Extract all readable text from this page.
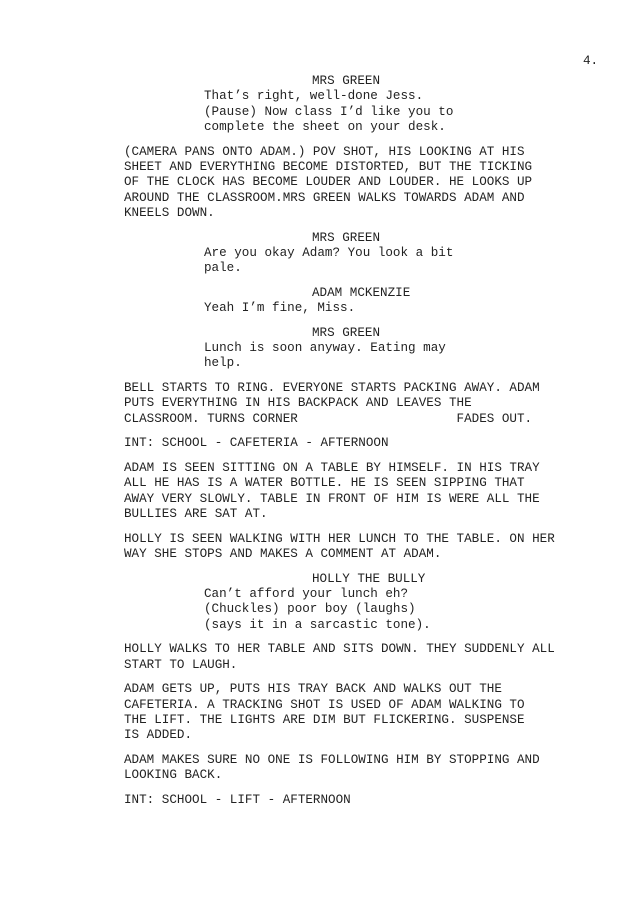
4.
MRS GREEN
That’s right, well-done Jess.
(Pause) Now class I’d like you to
complete the sheet on your desk.
(CAMERA PANS ONTO ADAM.) POV SHOT, HIS LOOKING AT HIS
SHEET AND EVERYTHING BECOME DISTORTED, BUT THE TICKING
OF THE CLOCK HAS BECOME LOUDER AND LOUDER. HE LOOKS UP
AROUND THE CLASSROOM.MRS GREEN WALKS TOWARDS ADAM AND
KNEELS DOWN.
MRS GREEN
Are you okay Adam? You look a bit
pale.
ADAM MCKENZIE
Yeah I’m fine, Miss.
MRS GREEN
Lunch is soon anyway. Eating may
help.
BELL STARTS TO RING. EVERYONE STARTS PACKING AWAY. ADAM
PUTS EVERYTHING IN HIS BACKPACK AND LEAVES THE
CLASSROOM. TURNS CORNER                     FADES OUT.
INT: SCHOOL - CAFETERIA - AFTERNOON
ADAM IS SEEN SITTING ON A TABLE BY HIMSELF. IN HIS TRAY
ALL HE HAS IS A WATER BOTTLE. HE IS SEEN SIPPING THAT
AWAY VERY SLOWLY. TABLE IN FRONT OF HIM IS WERE ALL THE
BULLIES ARE SAT AT.
HOLLY IS SEEN WALKING WITH HER LUNCH TO THE TABLE. ON HER
WAY SHE STOPS AND MAKES A COMMENT AT ADAM.
HOLLY THE BULLY
Can’t afford your lunch eh?
(Chuckles) poor boy (laughs)
(says it in a sarcastic tone).
HOLLY WALKS TO HER TABLE AND SITS DOWN. THEY SUDDENLY ALL
START TO LAUGH.
ADAM GETS UP, PUTS HIS TRAY BACK AND WALKS OUT THE
CAFETERIA. A TRACKING SHOT IS USED OF ADAM WALKING TO
THE LIFT. THE LIGHTS ARE DIM BUT FLICKERING. SUSPENSE
IS ADDED.
ADAM MAKES SURE NO ONE IS FOLLOWING HIM BY STOPPING AND
LOOKING BACK.
INT: SCHOOL - LIFT - AFTERNOON
